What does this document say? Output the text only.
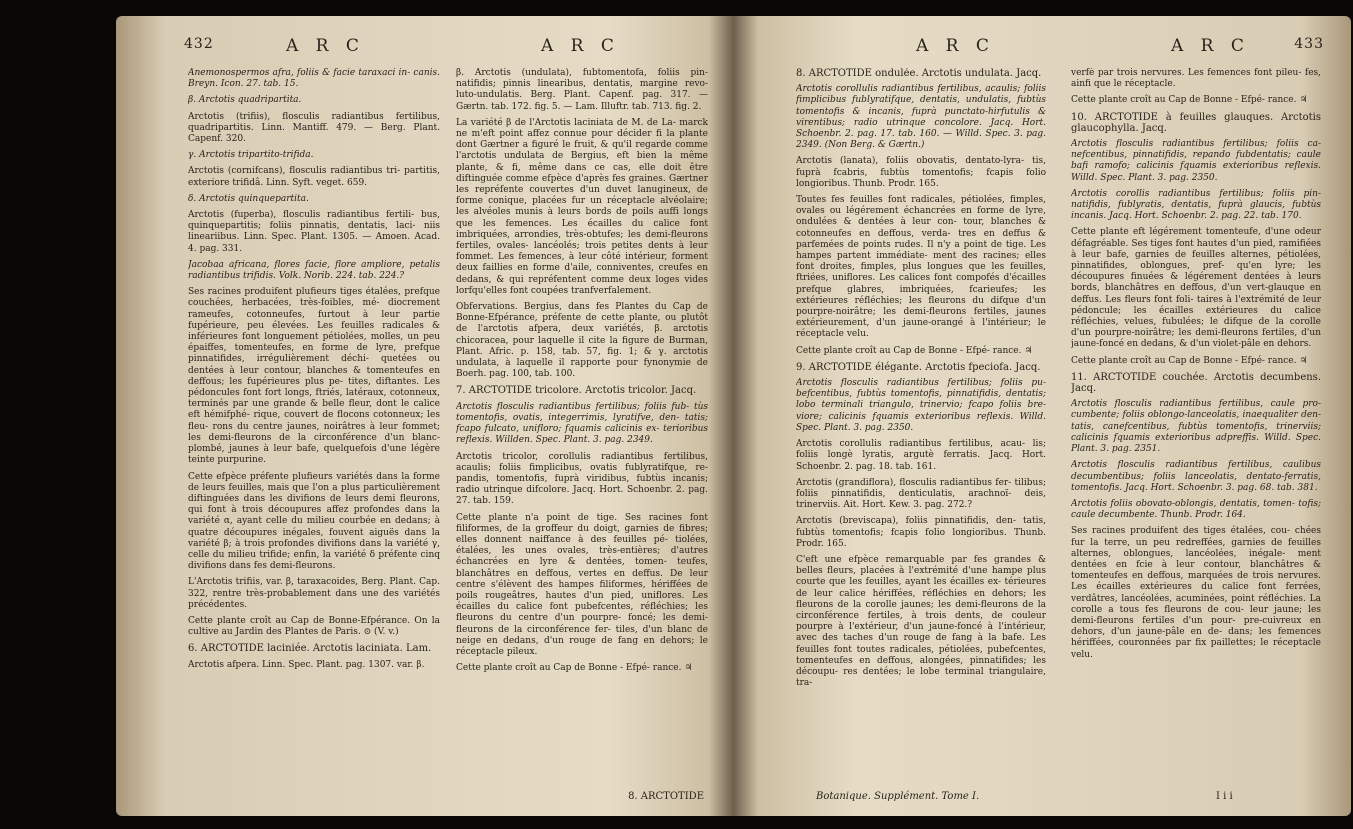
432	A R C	A R C

Anemonospermos afra, foliis & facie taraxaci in- canis. Breyn. Icon. 27. tab. 15.

β. Arctotis quadripartita.

Arctotis (trifiis), flosculis radiantibus fertilibus, quadripartitis. Linn. Mantiff. 479. — Berg. Plant. Capenf. 320.

γ. Arctotis tripartito-trifida.

Arctotis (cornifcans), flosculis radiantibus tri- partitis, exteriore trifidâ. Linn. Syft. veget. 659.

δ. Arctotis quinquepartita.

Arctotis (fuperba), flosculis radiantibus fertili- bus, quinquepartitis; foliis pinnatis, dentatis, laci- niis lineariibus. Linn. Spec. Plant. 1305. — Amoen. Acad. 4. pag. 331.

Jacobaa africana, flores facie, flore ampliore, petalis radiantibus trifidis. Volk. Norib. 224. tab. 224.?

Ses racines produifent plufieurs tiges étalées, prefque couchées, herbacées, très-foibles, mé- diocrement rameufes, cotonneufes, furtout à leur partie fupérieure, peu élevées. Les feuilles radicales & inférieures font longuement pétiolées, molles, un peu épaiffes, tomenteufes, en forme de lyre, prefque pinnatifides, irrégulièrement déchi- quetées ou dentées à leur contour, blanches & tomenteufes en deffous; les fupérieures plus pe- tites, diftantes. Les pédoncules font fort longs, ftriés, latéraux, cotonneux, terminés par une grande & belle fleur, dont le calice eft hémifphé- rique, couvert de flocons cotonneux; les fleu- rons du centre jaunes, noirâtres à leur fommet; les demi-fleurons de la circonférence d'un blanc- plombé, jaunes à leur bafe, quelquefois d'une légère teinte purpurine.

Cette efpèce préfente plufieurs variétés dans la forme de leurs feuilles, mais que l'on a plus particulièrement diftinguées dans les divifions de leurs demi fleurons, qui font à trois découpures affez profondes dans la variété α, ayant celle du milieu courbée en dedans; à quatre découpures inégales, fouvent aiguës dans la variété β; à trois profondes divifions dans la variété γ, celle du milieu trifide; enfin, la variété δ préfente cinq divifions dans fes demi-fleurons.

L'Arctotis trifiis, var. β, taraxacoides, Berg. Plant. Cap. 322, rentre très-probablement dans une des variétés précédentes.

Cette plante croît au Cap de Bonne-Efpérance. On la cultive au Jardin des Plantes de Paris. ⊙ (V. v.)

6. ARCTOTIDE laciniée. Arctotis laciniata. Lam.

Arctotis afpera. Linn. Spec. Plant. pag. 1307. var. β.

β. Arctotis (undulata), fubtomentofa, foliis pin- natifidis; pinnis linearibus, dentatis, margine revo- luto-undulatis. Berg. Plant. Capenf. pag. 317. — Gærtn. tab. 172. fig. 5. — Lam. Illuftr. tab. 713. fig. 2.

La variété β de l'Arctotis laciniata de M. de La- marck ne m'eft point affez connue pour décider fi la plante dont Gærtner a figuré le fruit, & qu'il regarde comme l'arctotis undulata de Bergius, eft bien la même plante, & fi, même dans ce cas, elle doit être diftinguée comme efpèce d'après fes graines. Gærtner les repréfente couvertes d'un duvet lanugineux, de forme conique, placées fur un réceptacle alvéolaire; les alvéoles munis à leurs bords de poils auffi longs que les femences. Les écailles du calice font imbriquées, arrondies, très-obtufes; les demi-fleurons fertiles, ovales- lancéolés; trois petites dents à leur fommet. Les femences, à leur côté intérieur, forment deux faillies en forme d'aile, conniventes, creufes en dedans, & qui repréfentent comme deux loges vides lorfqu'elles font coupées tranfverfalement.

Obfervations. Bergius, dans fes Plantes du Cap de Bonne-Efpérance, préfente de cette plante, ou plutôt de l'arctotis afpera, deux variétés, β. arctotis chicoracea, pour laquelle il cite la figure de Burman, Plant. Afric. p. 158, tab. 57, fig. 1; & γ. arctotis undulata, à laquelle il rapporte pour fynonymie de Boerh. pag. 100, tab. 100.

7. ARCTOTIDE tricolore. Arctotis tricolor. Jacq.

Arctotis flosculis radiantibus fertilibus; foliis fub- tùs tomentofis, ovatis, integerrimis, lyratifve, den- tatis; fcapo fulcato, unifloro; fquamis calicinis ex- terioribus reflexis. Willden. Spec. Plant. 3. pag. 2349.

Arctotis tricolor, corollulis radiantibus fertilibus, acaulis; foliis fimplicibus, ovatis fublyratifque, re- pandis, tomentofis, fuprà viridibus, fubtùs incanis; radio utrinque difcolore. Jacq. Hort. Schoenbr. 2. pag. 27. tab. 159.

Cette plante n'a point de tige. Ses racines font filiformes, de la groffeur du doigt, garnies de fibres; elles donnent naiffance à des feuilles pé- tiolées, étalées, les unes ovales, très-entières; d'autres échancrées en lyre & dentées, tomen- teufes, blanchâtres en deffous, vertes en deffus. De leur centre s'élèvent des hampes filiformes, hériffées de poils rougeâtres, hautes d'un pied, uniflores. Les écailles du calice font pubefcentes, réfléchies; les fleurons du centre d'un pourpre- foncé; les demi-fleurons de la circonférence fer- tiles, d'un blanc de neige en dedans, d'un rouge de fang en dehors; le réceptacle pileux.

Cette plante croît au Cap de Bonne - Efpé- rance. ♃

8. ARCTOTIDE
A R C	A R C	433

8. ARCTOTIDE ondulée. Arctotis undulata. Jacq.

Arctotis corollulis radiantibus fertilibus, acaulis; foliis fimplicibus fublyratifque, dentatis, undulatis, fubtùs tomentofis & incanis, fuprà punctato-hirfutulis & virentibus; radio utrinque concolore. Jacq. Hort. Schoenbr. 2. pag. 17. tab. 160. — Willd. Spec. 3. pag. 2349. (Non Berg. & Gærtn.)

Arctotis (lanata), foliis obovatis, dentato-lyra- tis, fuprà fcabris, fubtùs tomentofis; fcapis folio longioribus. Thunb. Prodr. 165.

Toutes fes feuilles font radicales, pétiolées, fimples, ovales ou légérement échancrées en forme de lyre, ondulées & dentées à leur con- tour, blanches & cotonneufes en deffous, verda- tres en deffus & parfemées de points rudes. Il n'y a point de tige. Les hampes partent immédiate- ment des racines; elles font droites, fimples, plus longues que les feuilles, ftriées, uniflores. Les calices font compofés d'écailles prefque glabres, imbriquées, fcarieufes; les extérieures réfléchies; les fleurons du difque d'un pourpre-noirâtre; les demi-fleurons fertiles, jaunes extérieurement, d'un jaune-orangé à l'intérieur; le réceptacle velu.

Cette plante croît au Cap de Bonne - Efpé- rance. ♃

9. ARCTOTIDE élégante. Arctotis fpeciofa. Jacq.

Arctotis flosculis radiantibus fertilibus; foliis pu- befcentibus, fubtùs tomentofis, pinnatifidis, dentatis; lobo terminali triangulo, trinervio; fcapo foliis bre- viore; calicinis fquamis exterioribus reflexis. Willd. Spec. Plant. 3. pag. 2350.

Arctotis corollulis radiantibus fertilibus, acau- lis; foliis longè lyratis, argutè ferratis. Jacq. Hort. Schoenbr. 2. pag. 18. tab. 161.

Arctotis (grandiflora), flosculis radiantibus fer- tilibus; foliis pinnatifidis, denticulatis, arachnoï- deis, trinerviis. Ait. Hort. Kew. 3. pag. 272.?

Arctotis (breviscapa), foliis pinnatifidis, den- tatis, fubtùs tomentofis; fcapis folio longioribus. Thunb. Prodr. 165.

C'eft une efpèce remarquable par fes grandes & belles fleurs, placées à l'extrémité d'une hampe plus courte que les feuilles, ayant les écailles ex- térieures de leur calice hériffées, réfléchies en dehors; les fleurons de la corolle jaunes; les demi-fleurons de la circonférence fertiles, à trois dents, de couleur pourpre à l'extérieur, d'un jaune-foncé à l'intérieur, avec des taches d'un rouge de fang à la bafe. Les feuilles font toutes radicales, pétiolées, pubefcentes, tomenteufes en deffous, alongées, pinnatifides; les découpu- res dentées; le lobe terminal triangulaire, tra-

verfé par trois nervures. Les femences font pileu- fes, ainfi que le réceptacle.

Cette plante croît au Cap de Bonne - Efpé- rance. ♃

10. ARCTOTIDE à feuilles glauques. Arctotis glaucophylla. Jacq.

Arctotis flosculis radiantibus fertilibus; foliis ca- nefcentibus, pinnatifidis, repando fubdentatis; caule bafi ramofo; calicinis fquamis exterioribus reflexis. Willd. Spec. Plant. 3. pag. 2350.

Arctotis corollis radiantibus fertilibus; foliis pin- natifidis, fublyratis, dentatis, fuprà glaucis, fubtùs incanis. Jacq. Hort. Schoenbr. 2. pag. 22. tab. 170.

Cette plante eft légérement tomenteufe, d'une odeur défagréable. Ses tiges font hautes d'un pied, ramifiées à leur bafe, garnies de feuilles alternes, pétiolées, pinnatifides, oblongues, pref- qu'en lyre; les découpures finuées & légérement dentées à leurs bords, blanchâtres en deffous, d'un vert-glauque en deffus. Les fleurs font foli- taires à l'extrémité de leur pédoncule; les écailles extérieures du calice réfléchies, velues, fubulées; le difque de la corolle d'un pourpre-noirâtre; les demi-fleurons fertiles, d'un jaune-foncé en dedans, & d'un violet-pâle en dehors.

Cette plante croît au Cap de Bonne - Efpé- rance. ♃

11. ARCTOTIDE couchée. Arctotis decumbens. Jacq.

Arctotis flosculis radiantibus fertilibus, caule pro- cumbente; foliis oblongo-lanceolatis, inaequaliter den- tatis, canefcentibus, fubtùs tomentofis, trinerviis; calicinis fquamis exterioribus adpreffis. Willd. Spec. Plant. 3. pag. 2351.

Arctotis flosculis radiantibus fertilibus, caulibus decumbentibus; foliis lanceolatis, dentato-ferratis, tomentofis. Jacq. Hort. Schoenbr. 3. pag. 68. tab. 381.

Arctotis foliis obovato-oblongis, dentatis, tomen- tofis; caule decumbente. Thunb. Prodr. 164.

Ses racines produifent des tiges étalées, cou- chées fur la terre, un peu redreffées, garnies de feuilles alternes, oblongues, lancéolées, inégale- ment dentées en fcie à leur contour, blanchâtres & tomenteufes en deffous, marquées de trois nervures. Les écailles extérieures du calice font ferrées, verdâtres, lancéolées, acuminées, point réfléchies. La corolle a tous fes fleurons de cou- leur jaune; les demi-fleurons fertiles d'un pour- pre-cuivreux en dehors, d'un jaune-pâle en de- dans; les femences hériffées, couronnées par fix paillettes; le réceptacle velu.

Botanique. Supplément. Tome I.	I i i
